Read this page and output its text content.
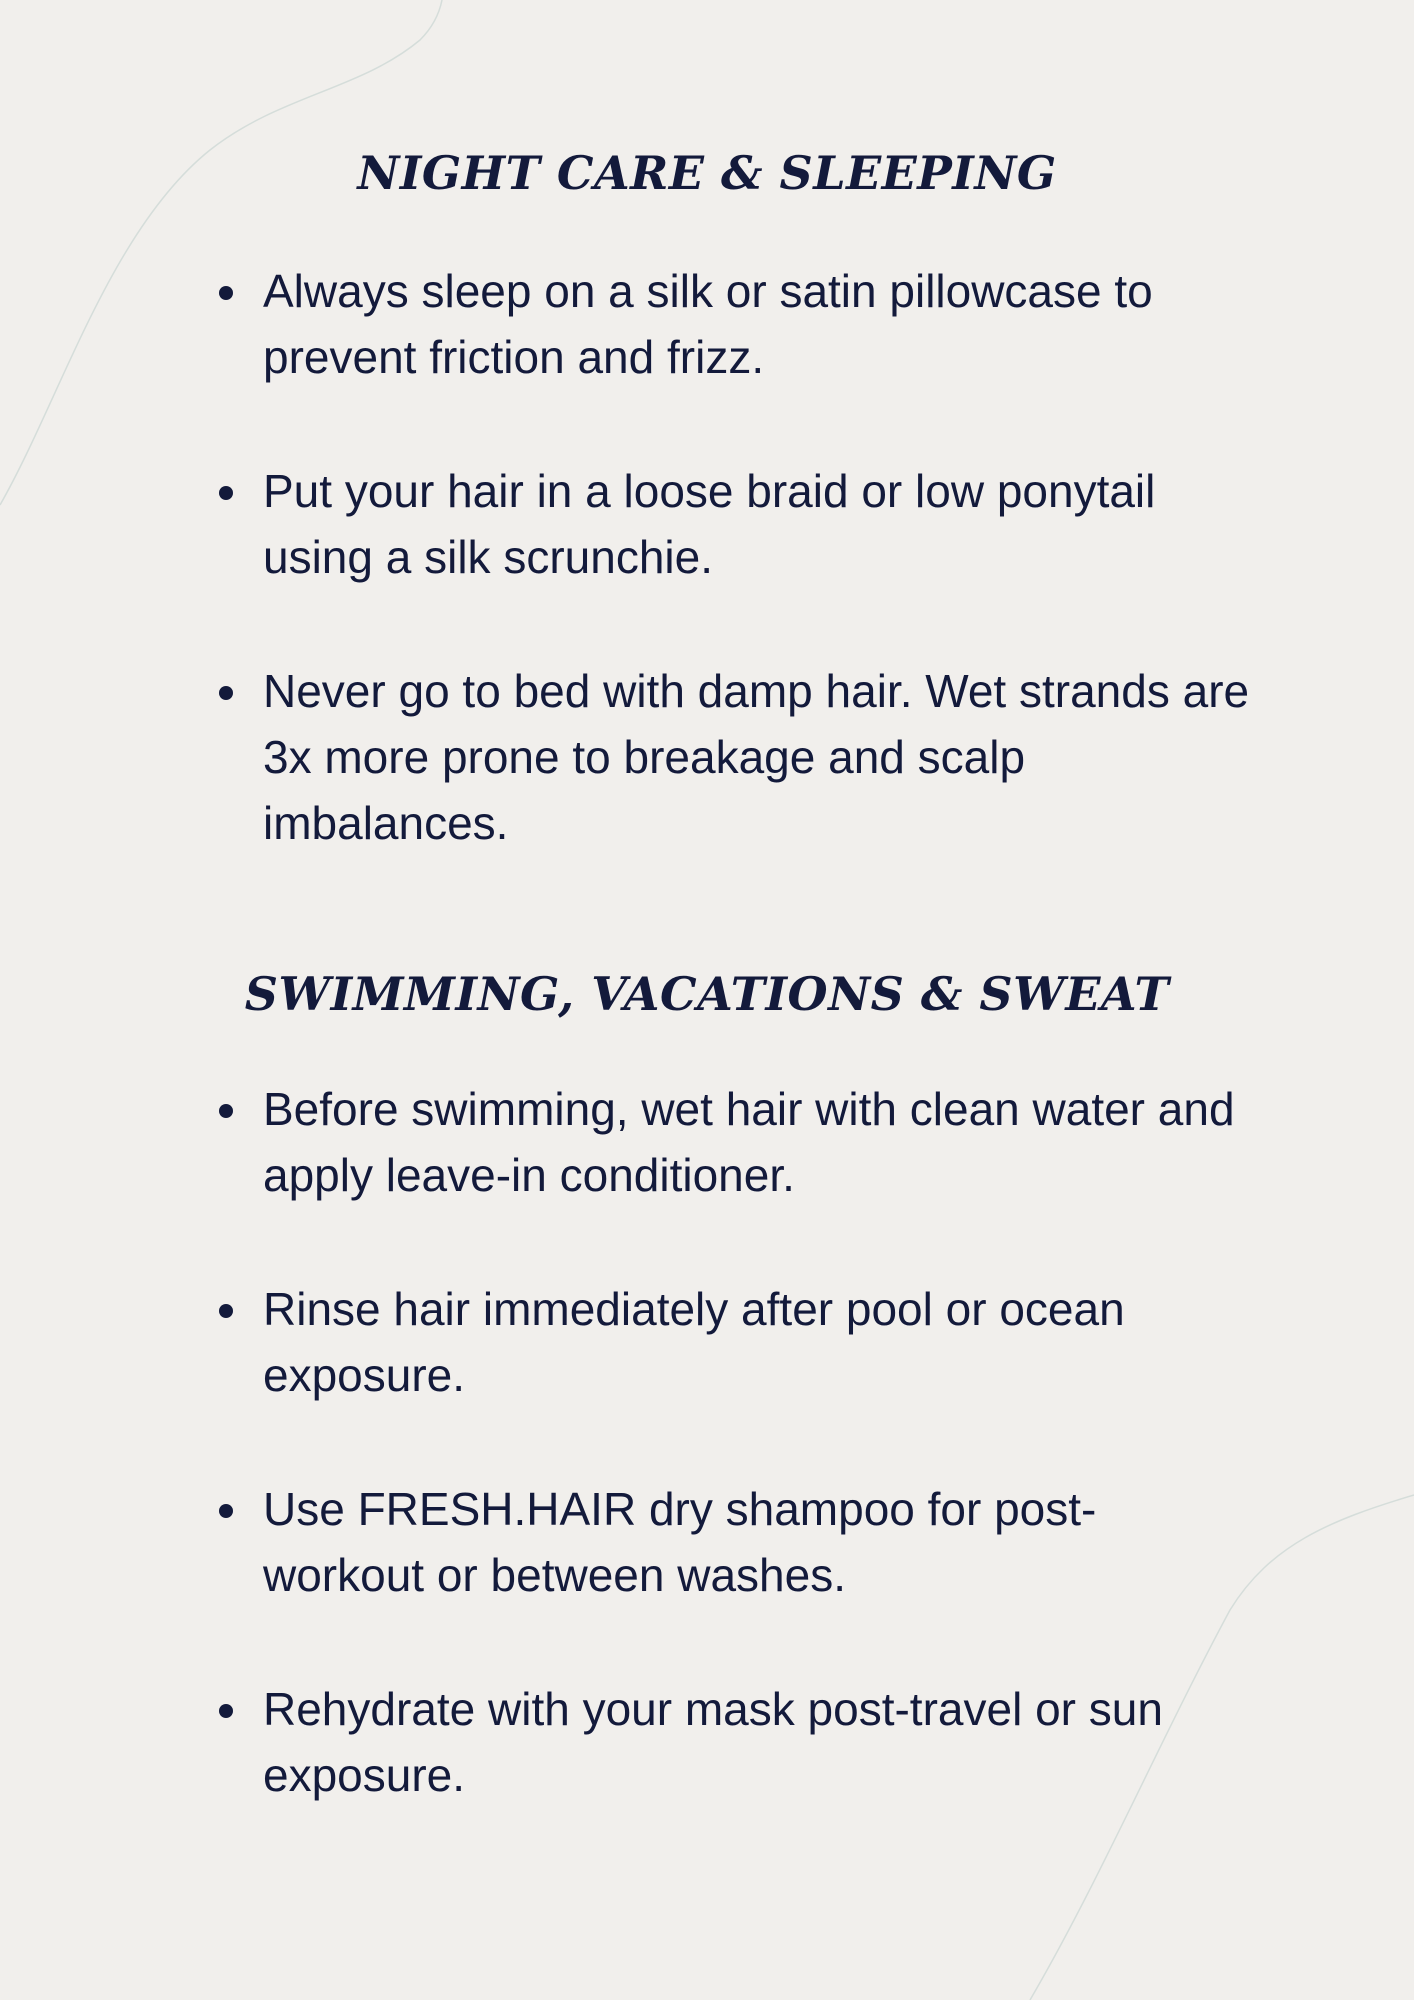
NIGHT CARE & SLEEPING
Always sleep on a silk or satin pillowcase to prevent friction and frizz.
Put your hair in a loose braid or low ponytail using a silk scrunchie.
Never go to bed with damp hair. Wet strands are 3x more prone to breakage and scalp imbalances.
SWIMMING, VACATIONS & SWEAT
Before swimming, wet hair with clean water and apply leave-in conditioner.
Rinse hair immediately after pool or ocean exposure.
Use FRESH.HAIR dry shampoo for post-workout or between washes.
Rehydrate with your mask post-travel or sun exposure.
